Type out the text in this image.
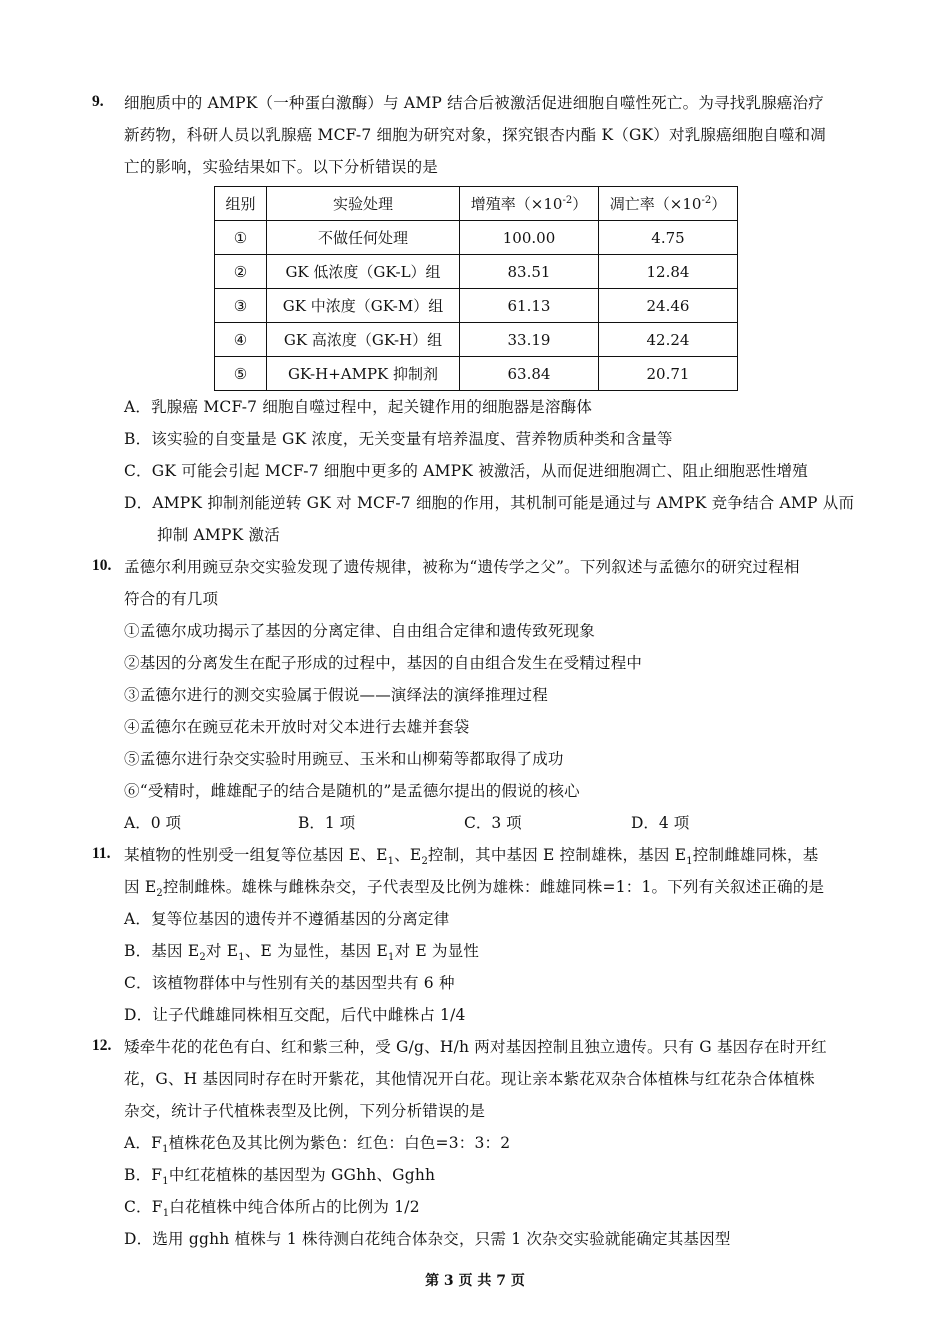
9. 细胞质中的 AMPK（一种蛋白激酶）与 AMP 结合后被激活促进细胞自噬性死亡。为寻找乳腺癌治疗
新药物，科研人员以乳腺癌 MCF-7 细胞为研究对象，探究银杏内酯 K（GK）对乳腺癌细胞自噬和凋
亡的影响，实验结果如下。以下分析错误的是
组别	实验处理	增殖率$(\times 10^{-2})$	凋亡率$(\times 10^{-2})$
①	不做任何处理	100.00	4.75
②	GK 低浓度（GK-L）组	83.51	12.84
③	GK 中浓度（GK-M）组	61.13	24.46
④	GK 高浓度（GK-H）组	33.19	42.24
⑤	GK-H+AMPK 抑制剂	63.84	20.71
A．乳腺癌 MCF-7 细胞自噬过程中，起关键作用的细胞器是溶酶体
B．该实验的自变量是 GK 浓度，无关变量有培养温度、营养物质种类和含量等
C．GK 可能会引起 MCF-7 细胞中更多的 AMPK 被激活，从而促进细胞凋亡、阻止细胞恶性增殖
D．AMPK 抑制剂能逆转 GK 对 MCF-7 细胞的作用，其机制可能是通过与 AMPK 竞争结合 AMP 从而
抑制 AMPK 激活
10. 孟德尔利用豌豆杂交实验发现了遗传规律，被称为“遗传学之父”。下列叙述与孟德尔的研究过程相
符合的有几项
①孟德尔成功揭示了基因的分离定律、自由组合定律和遗传致死现象
②基因的分离发生在配子形成的过程中，基因的自由组合发生在受精过程中
③孟德尔进行的测交实验属于假说——演绎法的演绎推理过程
④孟德尔在豌豆花未开放时对父本进行去雄并套袋
⑤孟德尔进行杂交实验时用豌豆、玉米和山柳菊等都取得了成功
⑥“受精时，雌雄配子的结合是随机的”是孟德尔提出的假说的核心
A．0 项	B．1 项	C．3 项	D．4 项
11. 某植物的性别受一组复等位基因 E、$E_1$、$E_2$控制，其中基因 E 控制雄株，基因 $E_1$控制雌雄同株，基
因 $E_2$控制雌株。雄株与雌株杂交，子代表型及比例为雄株：雌雄同株=1：1。下列有关叙述正确的是
A．复等位基因的遗传并不遵循基因的分离定律
B．基因 $E_2$对 $E_1$、E 为显性，基因 $E_1$对 E 为显性
C．该植物群体中与性别有关的基因型共有 6 种
D．让子代雌雄同株相互交配，后代中雌株占 1/4
12. 矮牵牛花的花色有白、红和紫三种，受 G/g、H/h 两对基因控制且独立遗传。只有 G 基因存在时开红
花，G、H 基因同时存在时开紫花，其他情况开白花。现让亲本紫花双杂合体植株与红花杂合体植株
杂交，统计子代植株表型及比例，下列分析错误的是
A．$F_1$植株花色及其比例为紫色：红色：白色=3：3：2
B．$F_1$中红花植株的基因型为 GGhh、Gghh
C．$F_1$白花植株中纯合体所占的比例为 1/2
D．选用 gghh 植株与 1 株待测白花纯合体杂交，只需 1 次杂交实验就能确定其基因型
第 3 页 共 7 页
